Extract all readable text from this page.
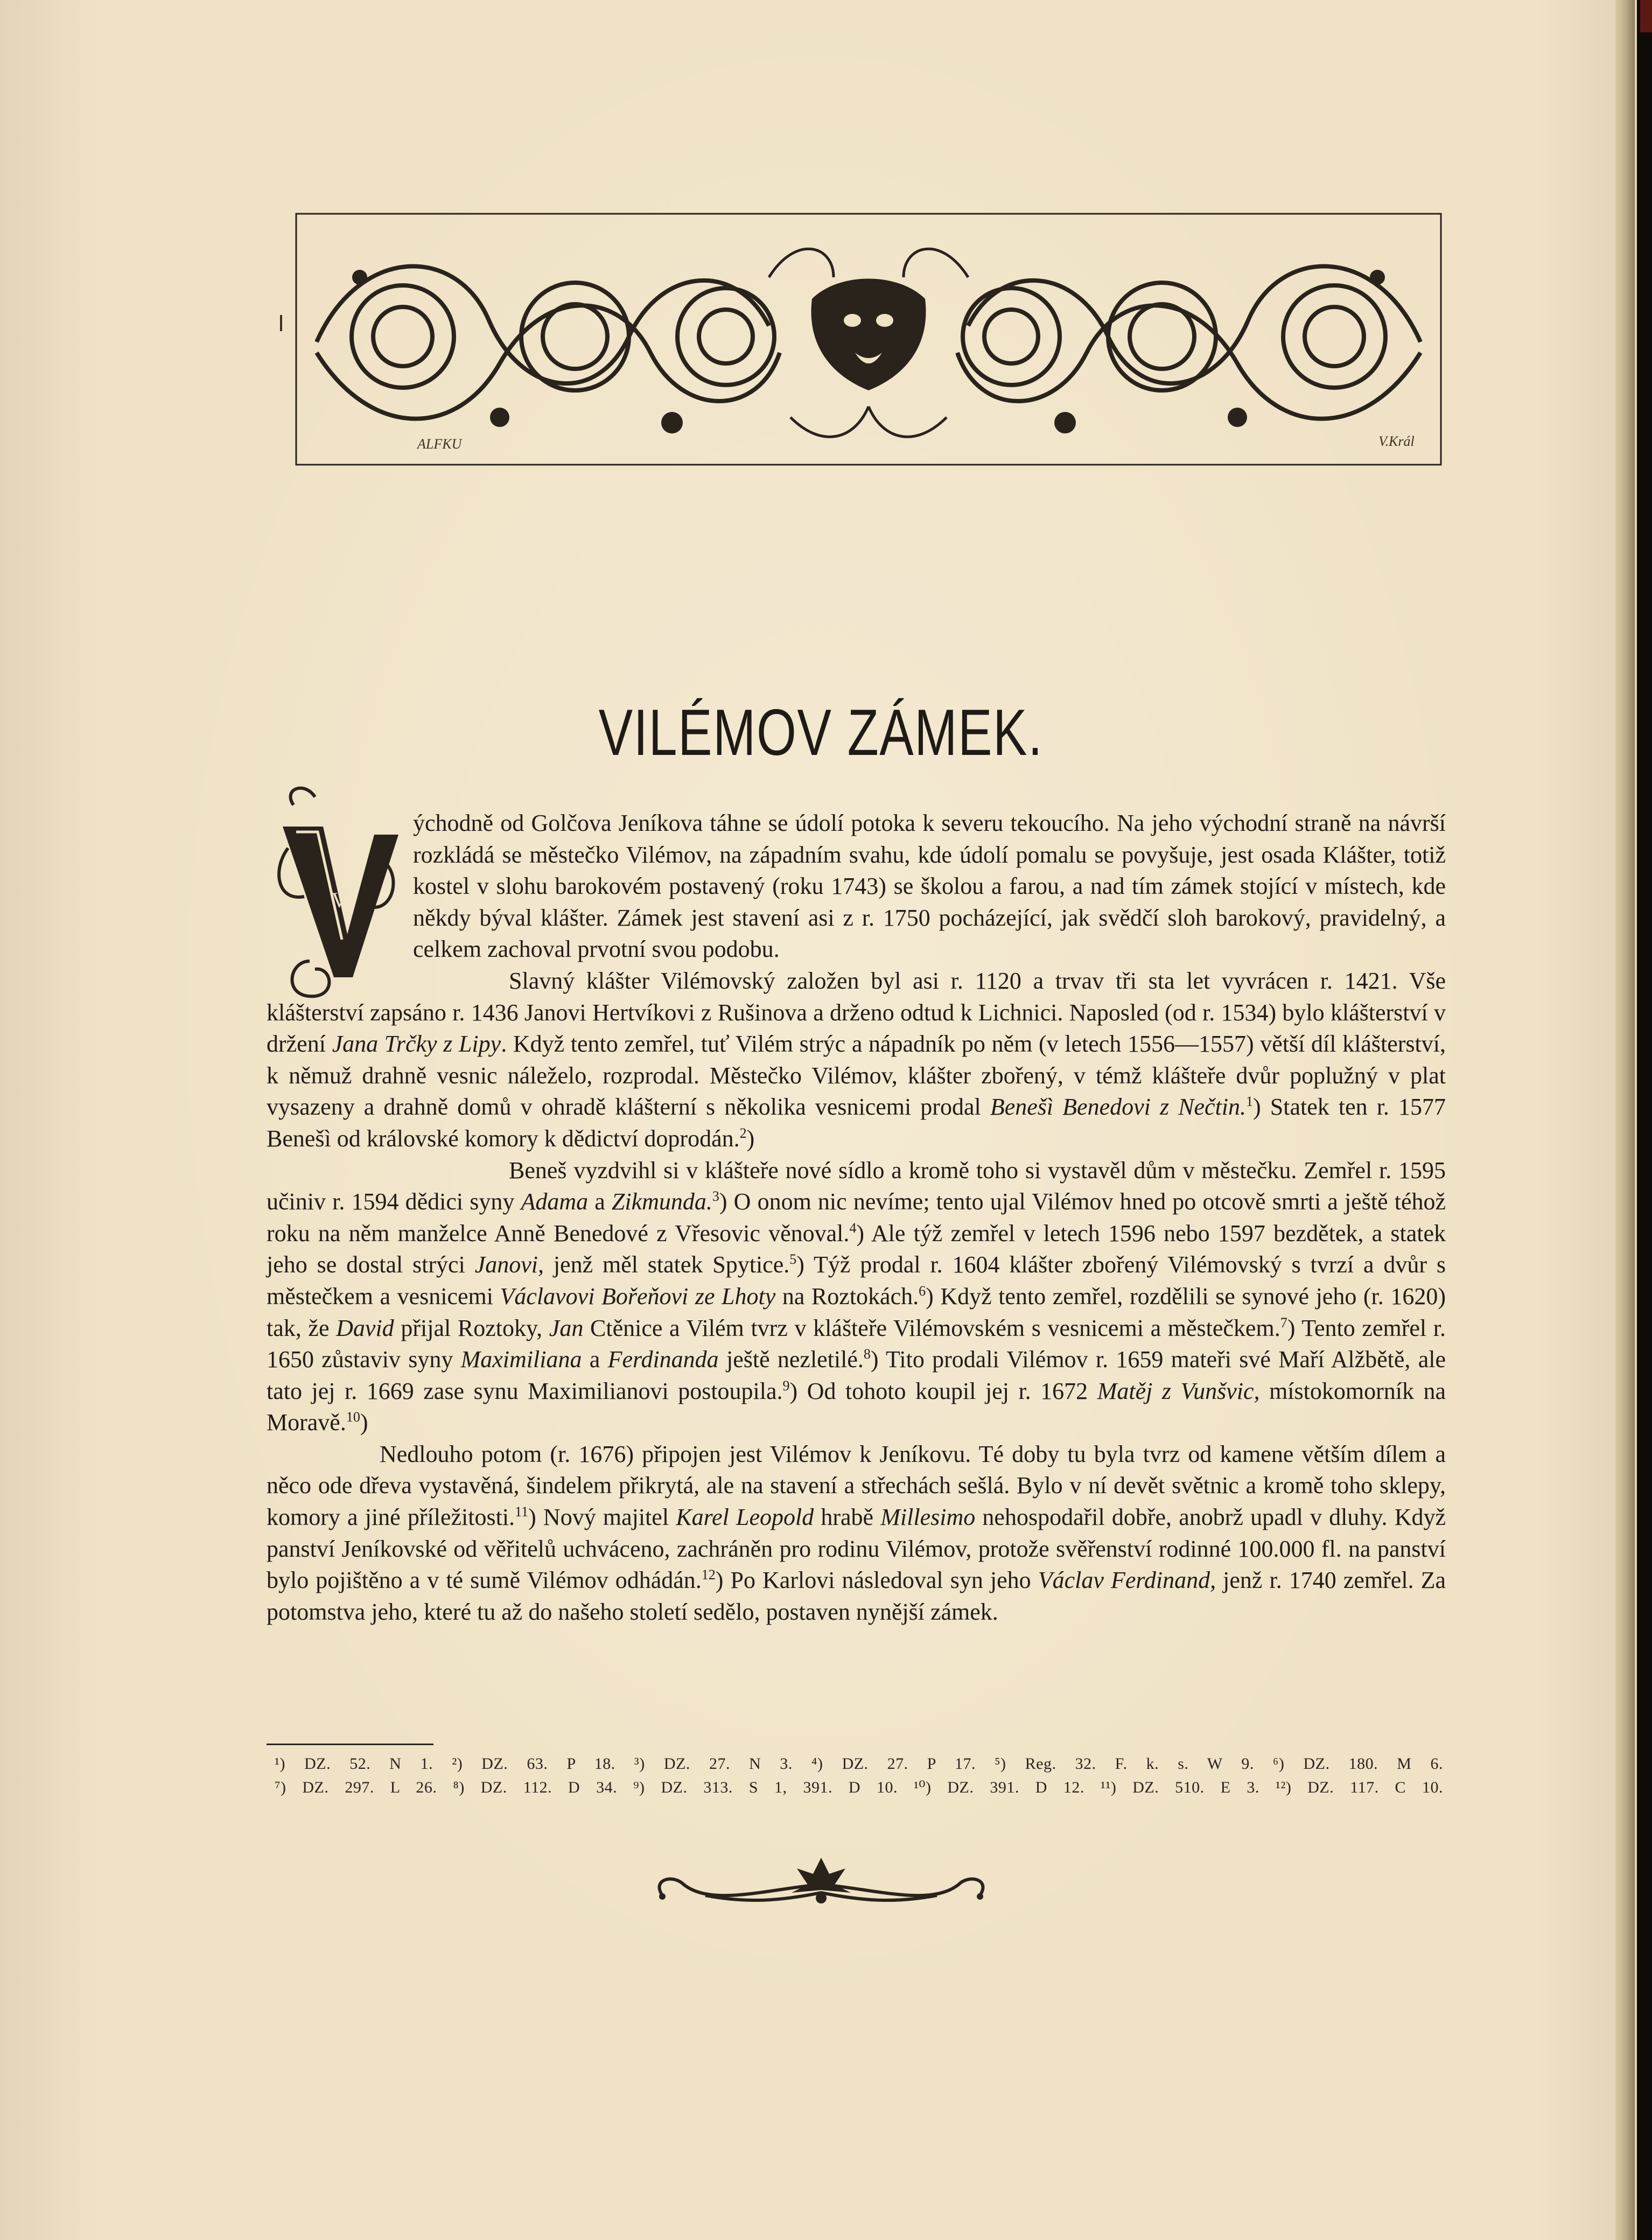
ALFKU	V.Král
VILÉMOV ZÁMEK.
V

ýchodně od Golčova Jeníkova táhne se údolí potoka k severu tekoucího. Na jeho východní straně na návrší rozkládá se městečko Vilémov, na západním svahu, kde údolí pomalu se povyšuje, jest osada Klášter, totiž kostel v slohu barokovém postavený (roku 1743) se školou a farou, a nad tím zámek stojící v místech, kde někdy býval klášter. Zámek jest stavení asi z r. 1750 pocházející, jak svědčí sloh barokový, pravidelný, a celkem zachoval prvotní svou podobu.

Slavný klášter Vilémovský založen byl asi r. 1120 a trvav tři sta let vyvrácen r. 1421. Vše klášterství zapsáno r. 1436 Janovi Hertvíkovi z Rušinova a drženo odtud k Lichnici. Naposled (od r. 1534) bylo klášterství v držení Jana Trčky z Lipy. Když tento zemřel, tuť Vilém strýc a nápadník po něm (v letech 1556—1557) větší díl klášterství, k němuž drahně vesnic náleželo, rozprodal. Městečko Vilémov, klášter zbořený, v témž klášteře dvůr poplužný v plat vysazeny a drahně domů v ohradě klášterní s několika vesnicemi prodal Benešì Benedovi z Nečtin.$^1$) Statek ten r. 1577 Benešì od královské komory k dědictví doprodán.$^2$)

Beneš vyzdvihl si v klášteře nové sídlo a kromě toho si vystavěl dům v městečku. Zemřel r. 1595 učiniv r. 1594 dědici syny Adama a Zikmunda.$^3$) O onom nic nevíme; tento ujal Vilémov hned po otcově smrti a ještě téhož roku na něm manželce Anně Benedové z Vřesovic věnoval.$^4$) Ale týž zemřel v letech 1596 nebo 1597 bezdětek, a statek jeho se dostal strýci Janovi, jenž měl statek Spytice.$^5$) Týž prodal r. 1604 klášter zbořený Vilémovský s tvrzí a dvůr s městečkem a vesnicemi Václavovi Bořeňovi ze Lhoty na Roztokách.$^6$) Když tento zemřel, rozdělili se synové jeho (r. 1620) tak, že David přijal Roztoky, Jan Ctěnice a Vilém tvrz v klášteře Vilémovském s vesnicemi a městečkem.$^7$) Tento zemřel r. 1650 zůstaviv syny Maximiliana a Ferdinanda ještě nezletilé.$^8$) Tito prodali Vilémov r. 1659 mateři své Maří Alžbětě, ale tato jej r. 1669 zase synu Maximilianovi postoupila.$^9$) Od tohoto koupil jej r. 1672 Matěj z Vunšvic, místokomorník na Moravě.$^{10}$)

Nedlouho potom (r. 1676) připojen jest Vilémov k Jeníkovu. Té doby tu byla tvrz od kamene větším dílem a něco ode dřeva vystavěná, šindelem přikrytá, ale na stavení a střechách sešlá. Bylo v ní devět světnic a kromě toho sklepy, komory a jiné příležitosti.$^{11}$) Nový majitel Karel Leopold hrabě Millesimo nehospodařil dobře, anobrž upadl v dluhy. Když panství Jeníkovské od věřitelů uchváceno, zachráněn pro rodinu Vilémov, protože svěřenství rodinné 100.000 fl. na panství bylo pojištěno a v té sumě Vilémov odhádán.$^{12}$) Po Karlovi následoval syn jeho Václav Ferdinand, jenž r. 1740 zemřel. Za potomstva jeho, které tu až do našeho století sedělo, postaven nynější zámek.

¹) DZ. 52. N 1. ²) DZ. 63. P 18. ³) DZ. 27. N 3. ⁴) DZ. 27. P 17. ⁵) Reg. 32. F. k. s. W 9. ⁶) DZ. 180. M 6.
⁷) DZ. 297. L 26. ⁸) DZ. 112. D 34. ⁹) DZ. 313. S 1, 391. D 10. ¹⁰) DZ. 391. D 12. ¹¹) DZ. 510. E 3. ¹²) DZ. 117. C 10.
